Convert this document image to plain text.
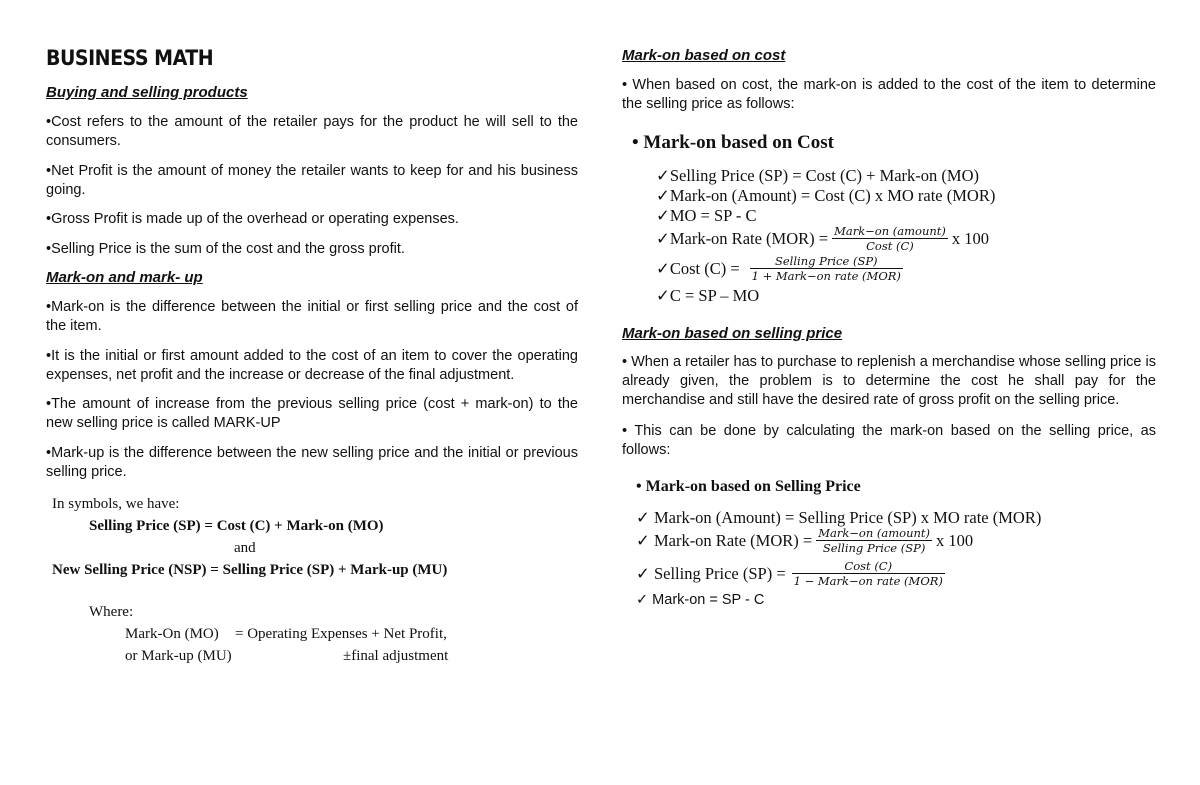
BUSINESS MATH
Buying and selling products
•Cost refers to the amount of the retailer pays for the product he will sell to the consumers.
•Net Profit is the amount of money the retailer wants to keep for and his business going.
•Gross Profit is made up of the overhead or operating expenses.
•Selling Price is the sum of the cost and the gross profit.
Mark-on and mark- up
•Mark-on is the difference between the initial or first selling price and the cost of the item.
•It is the initial or first amount added to the cost of an item to cover the operating expenses, net profit and the increase or decrease of the final adjustment.
•The amount of increase from the previous selling price (cost + mark-on) to the new selling price is called MARK-UP
•Mark-up is the difference between the new selling price and the initial or previous selling price.
In symbols, we have:
Selling Price (SP) = Cost (C) + Mark-on (MO)
and
New Selling Price (NSP) = Selling Price (SP) + Mark-up (MU)
Where:
Mark-On (MO) = Operating Expenses + Net Profit,
or Mark-up (MU)	±final adjustment
Mark-on based on cost
• When based on cost, the mark-on is added to the cost of the item to determine the selling price as follows:
• Mark-on based on Cost
✓Selling Price (SP) = Cost (C) + Mark-on (MO)
✓Mark-on (Amount) = Cost (C) x MO rate (MOR)
✓MO = SP - C
✓Mark-on Rate $(MOR) = \frac{\text{Mark−on (amount)}}{\text{Cost (C)}}$ x 100
✓Cost $(C) = \frac{\text{Selling Price (SP)}}{\text{1 + Mark−on rate (MOR)}}$
✓C = SP – MO
Mark-on based on selling price
• When a retailer has to purchase to replenish a merchandise whose selling price is already given, the problem is to determine the cost he shall pay for the merchandise and still have the desired rate of gross profit on the selling price.
• This can be done by calculating the mark-on based on the selling price, as follows:
• Mark-on based on Selling Price
✓ Mark-on (Amount) = Selling Price (SP) x MO rate (MOR)
✓ Mark-on Rate $(MOR) = \frac{\text{Mark−on (amount)}}{\text{Selling Price (SP)}}$ x 100
✓ Selling Price $(SP) = \frac{\text{Cost (C)}}{\text{1 − Mark−on rate (MOR)}}$
✓ Mark-on = SP - C
